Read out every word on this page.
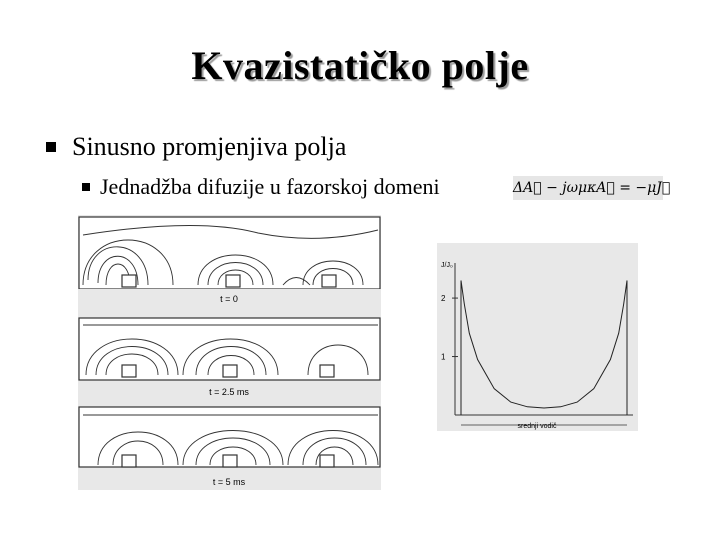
Kvazistatičko polje
Sinusno promjenjiva polja
Jednadžba difuzije u fazorskoj domeni	ΔA⃗ − jωμκA⃗ = −μJ⃗
t = 0
t = 2.5 ms
t = 5 ms
J/J₀
1
2
srednji vodič
